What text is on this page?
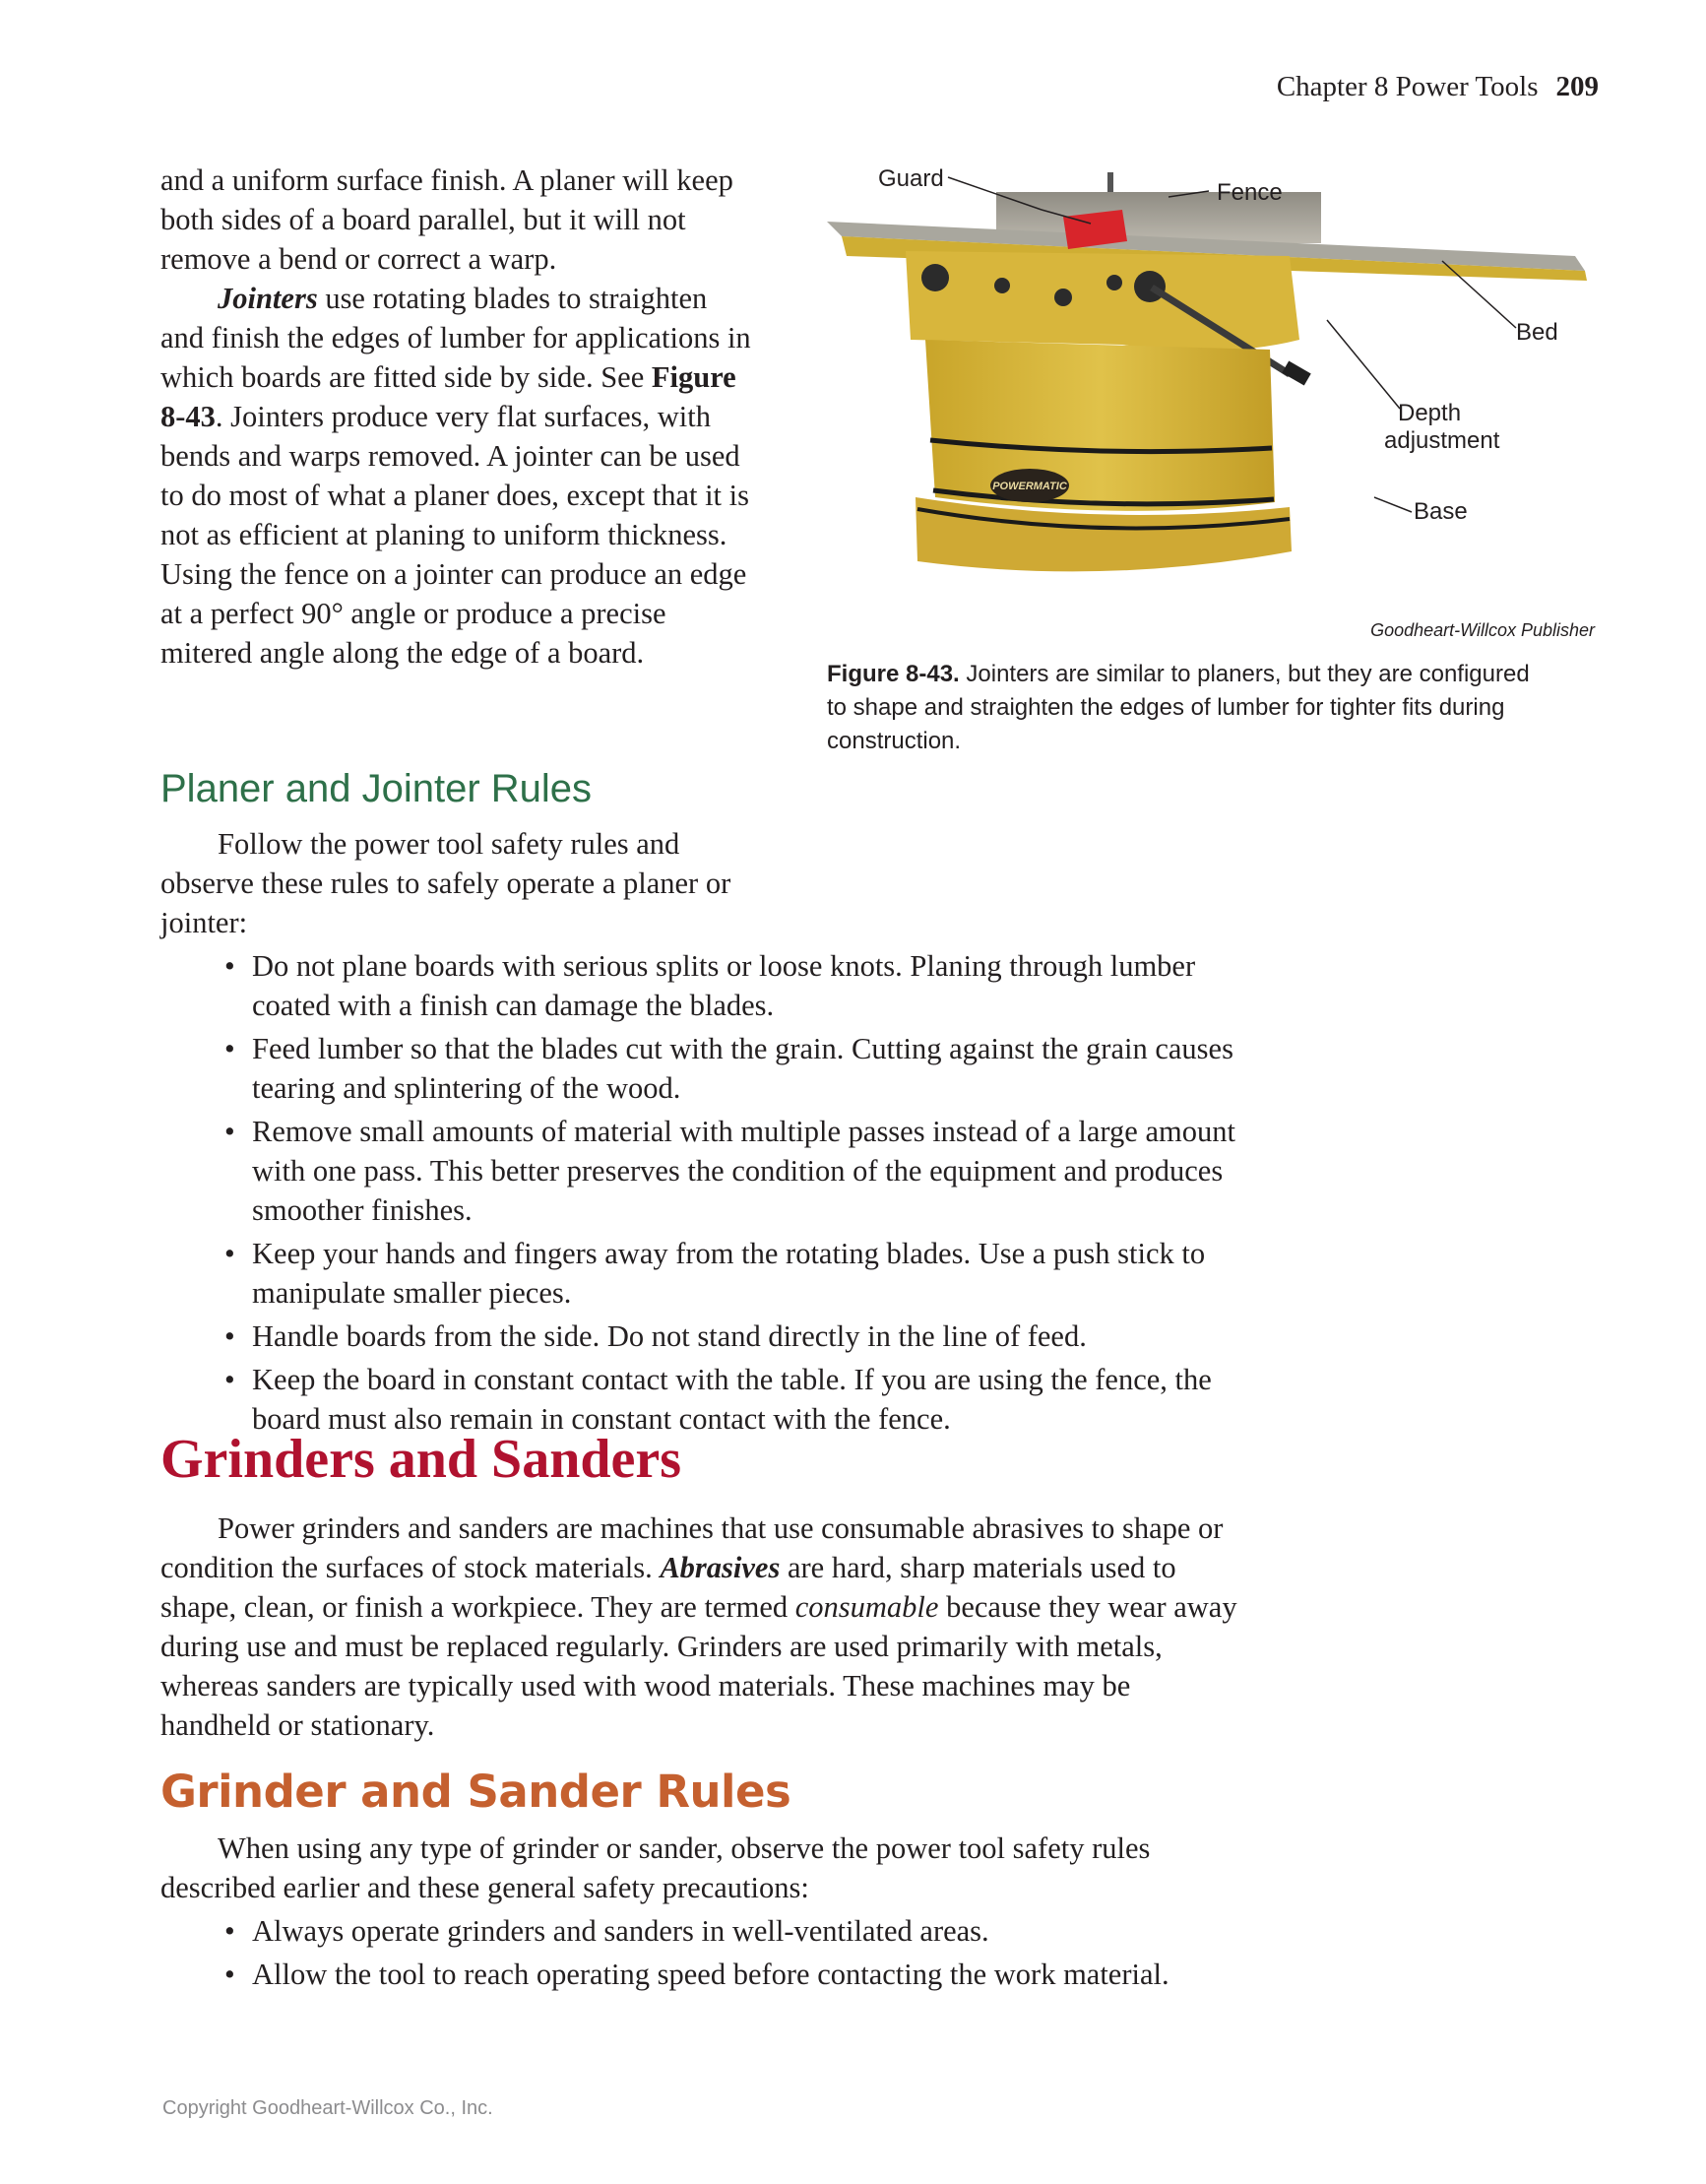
Chapter 8 Power Tools 209

and a uniform surface finish. A planer will keep both sides of a board parallel, but it will not remove a bend or correct a warp.

Jointers use rotating blades to straighten and finish the edges of lumber for applications in which boards are fitted side by side. See Figure 8-43. Jointers produce very flat surfaces, with bends and warps removed. A jointer can be used to do most of what a planer does, except that it is not as efficient at planing to uniform thickness. Using the fence on a jointer can produce an edge at a perfect 90° angle or produce a precise mitered angle along the edge of a board.

POWERMATIC
Guard
Fence
Bed
Depth
adjustment
Base
Goodheart-Willcox Publisher
Figure 8-43. Jointers are similar to planers, but they are configured to shape and straighten the edges of lumber for tighter fits during construction.
Planer and Jointer Rules

Follow the power tool safety rules and observe these rules to safely operate a planer or jointer:

• Do not plane boards with serious splits or loose knots. Planing through lumber coated with a finish can damage the blades.
• Feed lumber so that the blades cut with the grain. Cutting against the grain causes tearing and splintering of the wood.
• Remove small amounts of material with multiple passes instead of a large amount with one pass. This better preserves the condition of the equipment and produces smoother finishes.
• Keep your hands and fingers away from the rotating blades. Use a push stick to manipulate smaller pieces.
• Handle boards from the side. Do not stand directly in the line of feed.
• Keep the board in constant contact with the table. If you are using the fence, the board must also remain in constant contact with the fence.
Grinders and Sanders

Power grinders and sanders are machines that use consumable abrasives to shape or condition the surfaces of stock materials. Abrasives are hard, sharp materials used to shape, clean, or finish a workpiece. They are termed consumable because they wear away during use and must be replaced regularly. Grinders are used primarily with metals, whereas sanders are typically used with wood materials. These machines may be handheld or stationary.

Grinder and Sander Rules

When using any type of grinder or sander, observe the power tool safety rules described earlier and these general safety precautions:

• Always operate grinders and sanders in well-ventilated areas.
• Allow the tool to reach operating speed before contacting the work material.
Copyright Goodheart-Willcox Co., Inc.
